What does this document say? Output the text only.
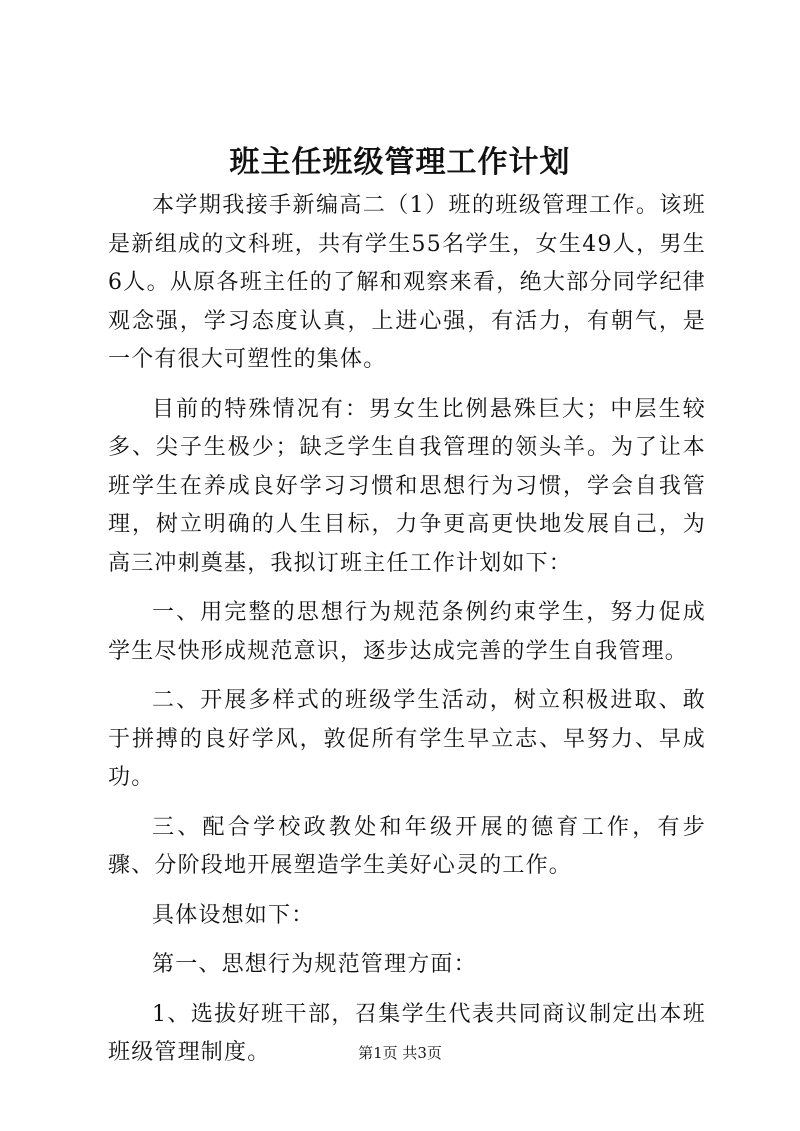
班主任班级管理工作计划

本学期我接手新编高二（1）班的班级管理工作。该班是新组成的文科班，共有学生55名学生，女生49人，男生6人。从原各班主任的了解和观察来看，绝大部分同学纪律观念强，学习态度认真，上进心强，有活力，有朝气，是一个有很大可塑性的集体。

目前的特殊情况有：男女生比例悬殊巨大；中层生较多、尖子生极少；缺乏学生自我管理的领头羊。为了让本班学生在养成良好学习习惯和思想行为习惯，学会自我管理，树立明确的人生目标，力争更高更快地发展自己，为高三冲刺奠基，我拟订班主任工作计划如下：

一、用完整的思想行为规范条例约束学生，努力促成学生尽快形成规范意识，逐步达成完善的学生自我管理。

二、开展多样式的班级学生活动，树立积极进取、敢于拼搏的良好学风，敦促所有学生早立志、早努力、早成功。

三、配合学校政教处和年级开展的德育工作，有步骤、分阶段地开展塑造学生美好心灵的工作。

具体设想如下：

第一、思想行为规范管理方面：

1、选拔好班干部，召集学生代表共同商议制定出本班班级管理制度。	第1页 共3页
